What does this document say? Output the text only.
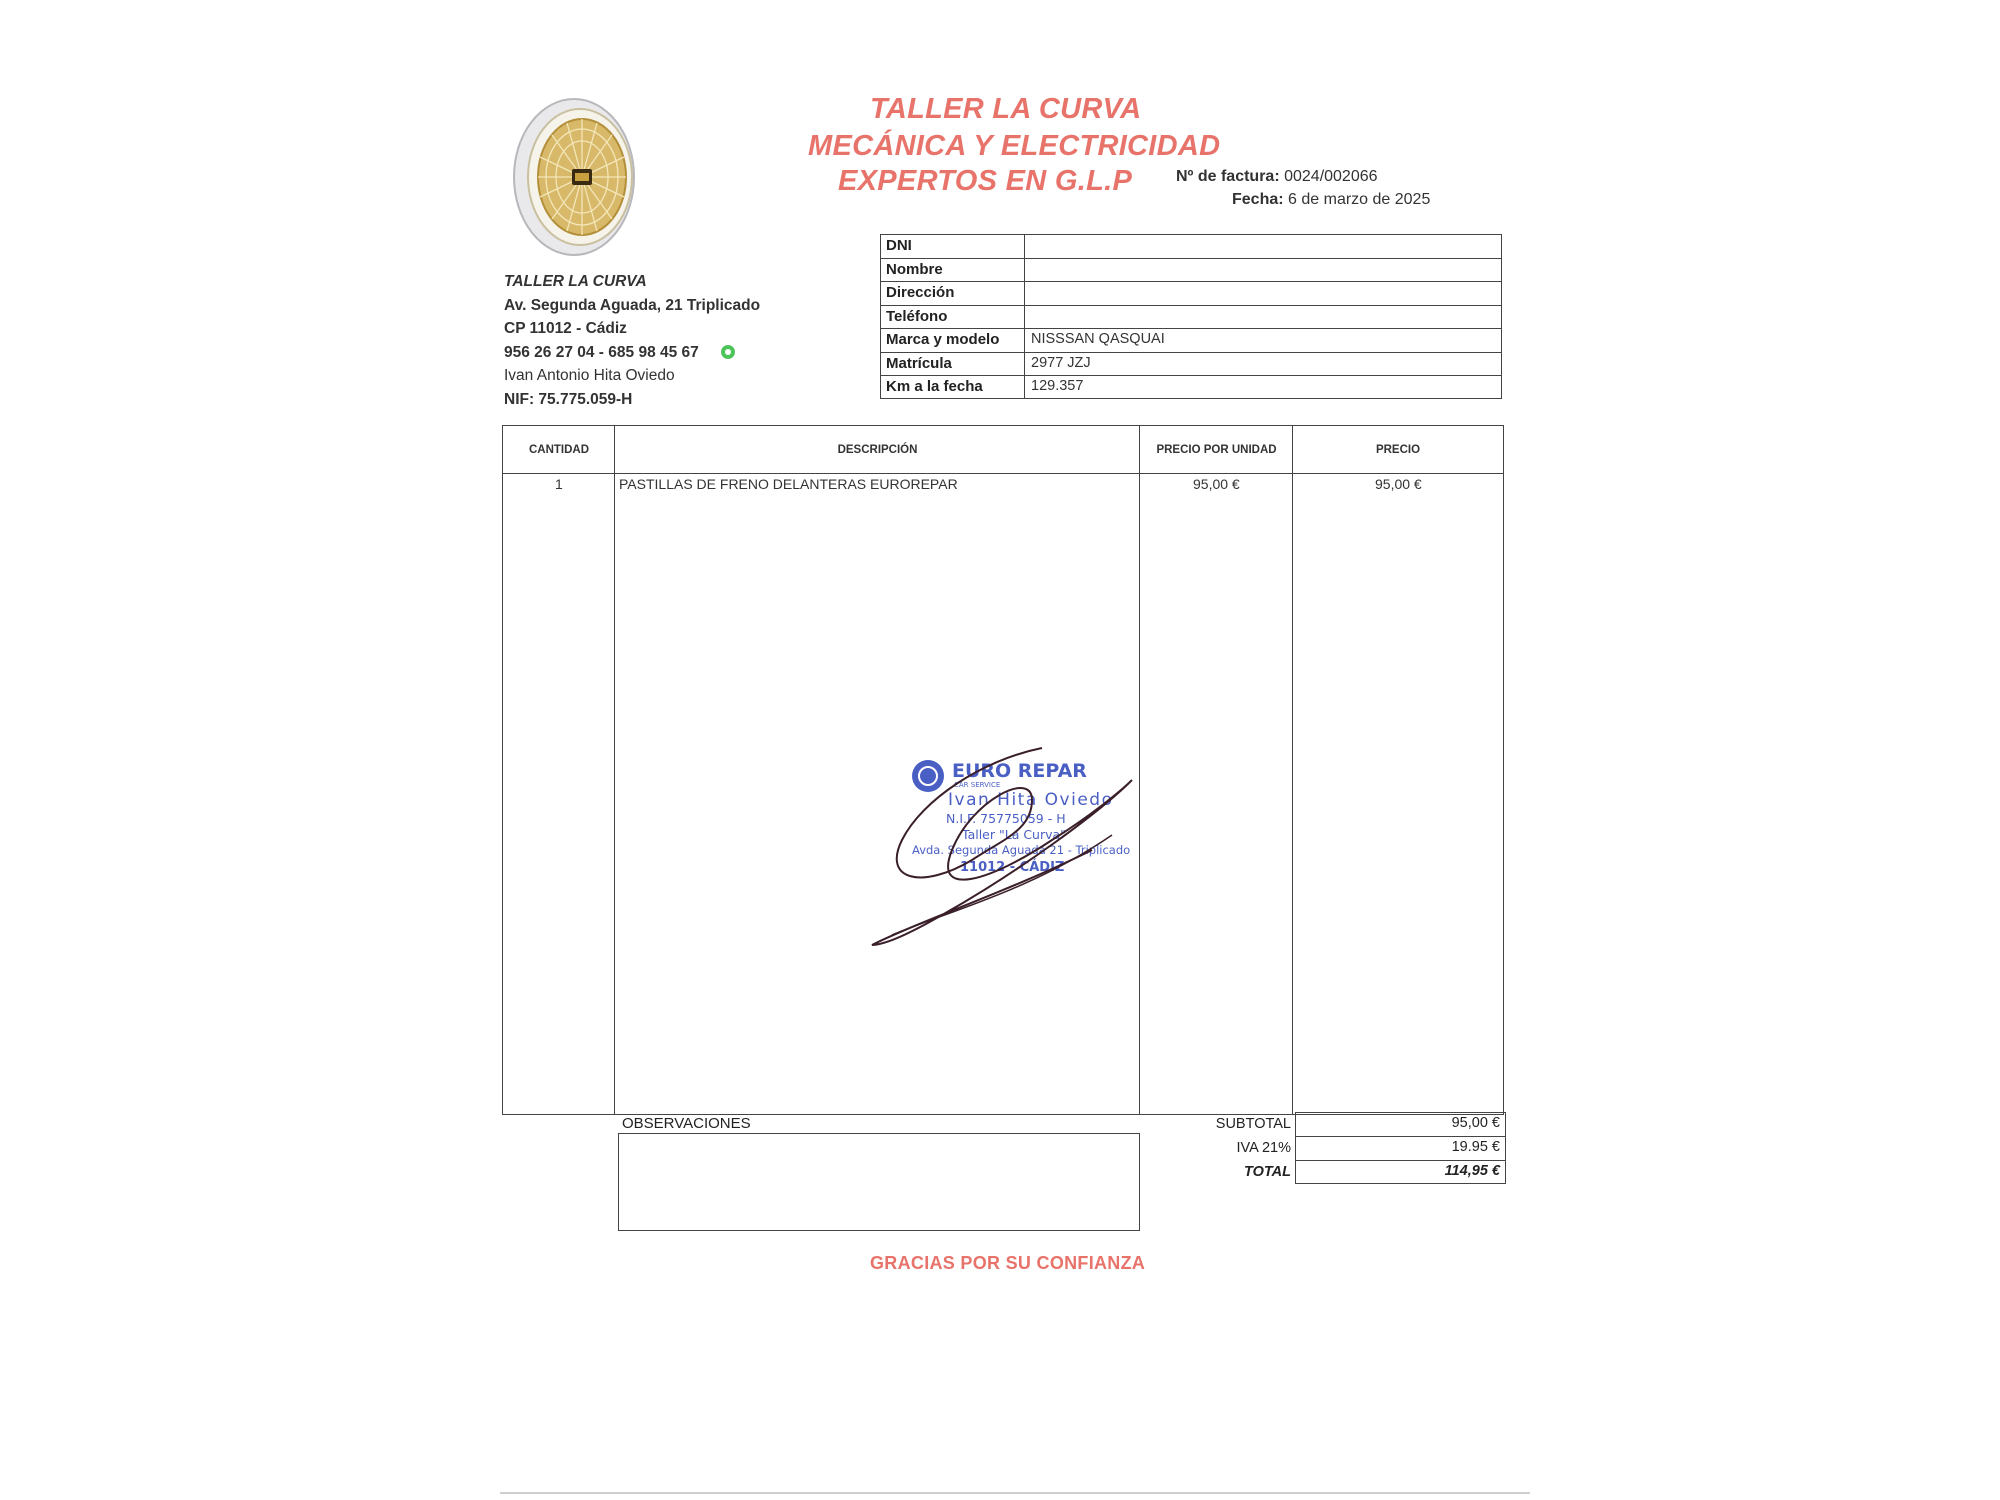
TALLER LA CURVA
MECÁNICA Y ELECTRICIDAD
EXPERTOS EN G.L.P	Nº de factura: 0024/002066
Fecha: 6 de marzo de 2025
TALLER LA CURVA
Av. Segunda Aguada, 21 Triplicado
CP 11012 - Cádiz
956 26 27 04 - 685 98 45 67
Ivan Antonio Hita Oviedo
NIF: 75.775.059-H
DNI
Nombre
Dirección
Teléfono
Marca y modelo	NISSSAN QASQUAI
Matrícula	2977 JZJ
Km a la fecha	129.357
CANTIDAD	DESCRIPCIÓN	PRECIO POR UNIDAD	PRECIO
1	PASTILLAS DE FRENO DELANTERAS EUROREPAR	95,00 €	95,00 €
EURO REPAR
CAR SERVICE
Ivan Hita Oviedo
N.I.F. 75775059 - H
Taller "La Curva"
Avda. Segunda Aguada 21 - Triplicado
11012 - CÁDIZ
OBSERVACIONES	SUBTOTAL	95,00 €
IVA 21%	19.95 €
TOTAL	114,95 €
GRACIAS POR SU CONFIANZA
